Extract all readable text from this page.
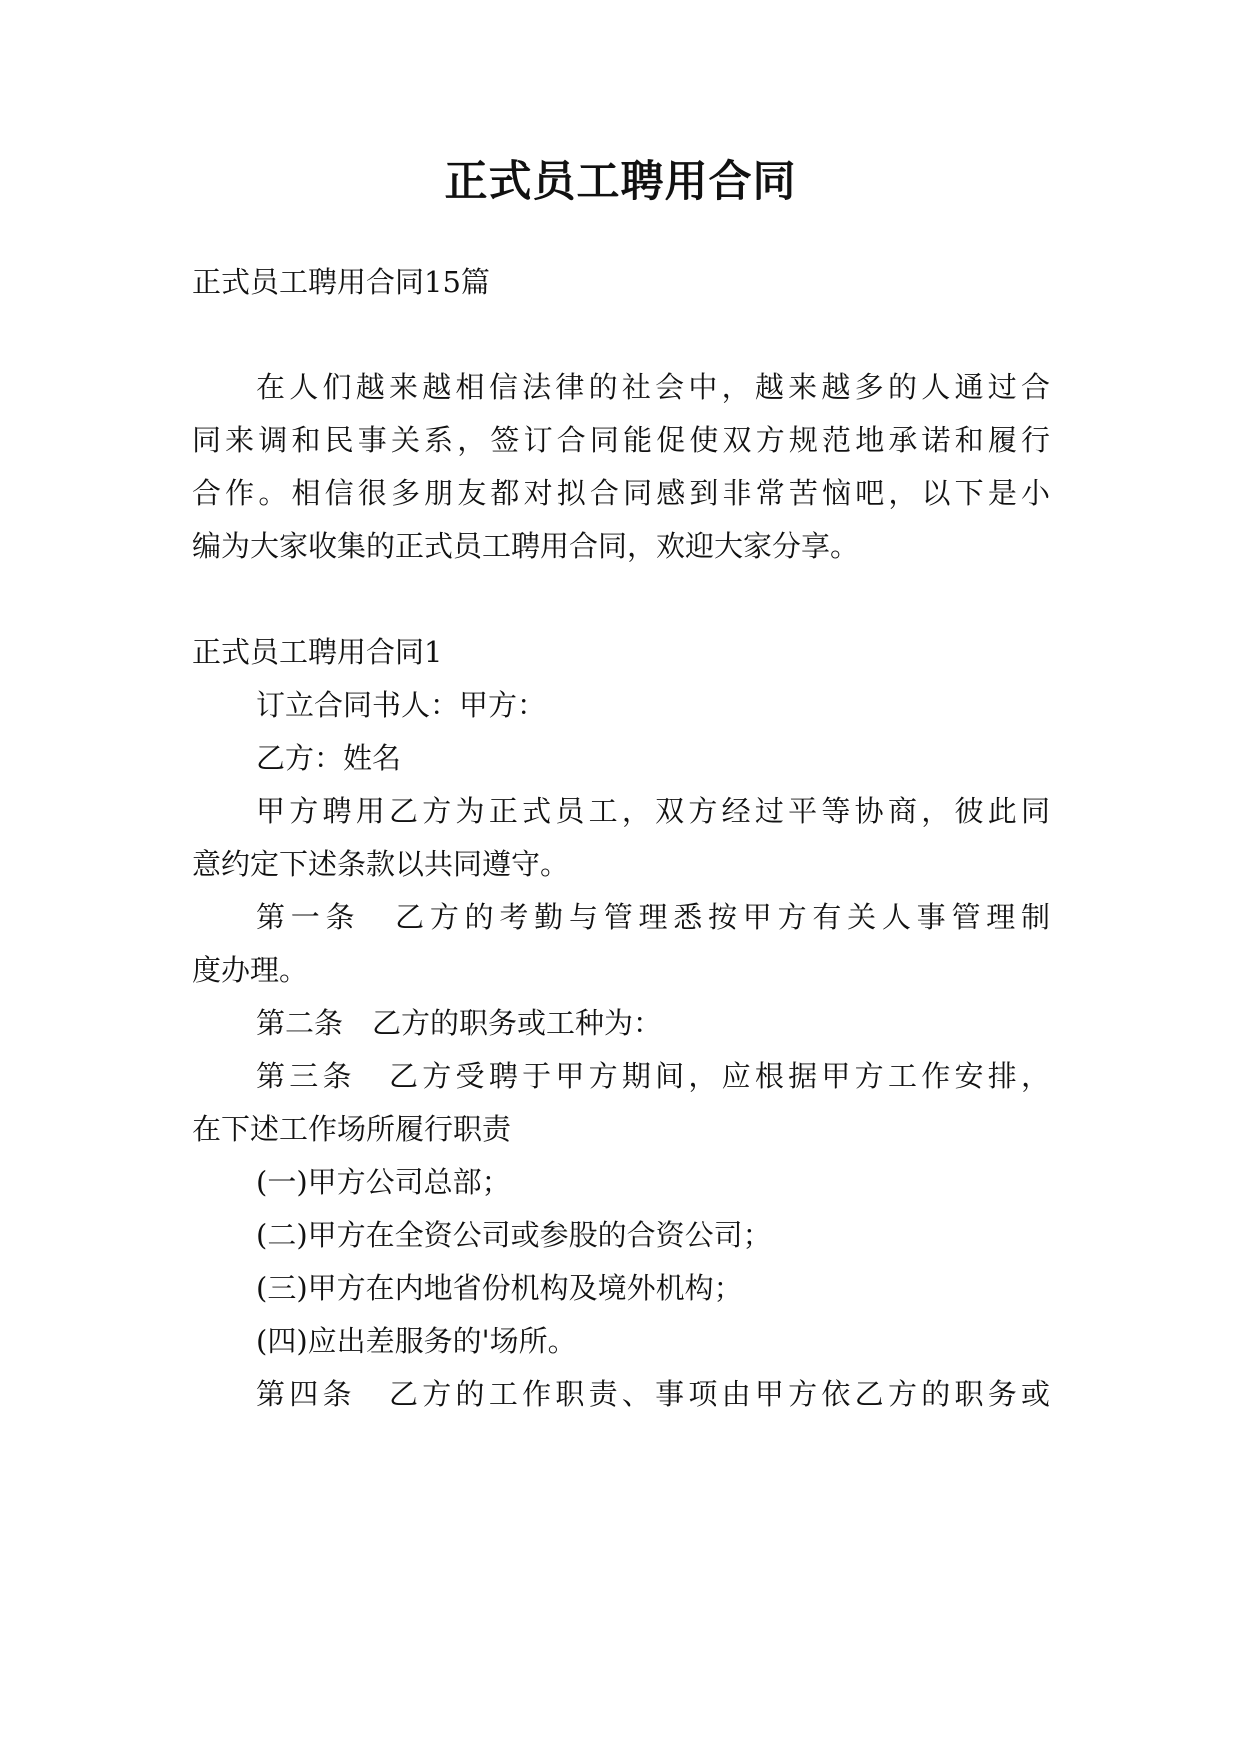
正式员工聘用合同
正式员工聘用合同15篇
在人们越来越相信法律的社会中，越来越多的人通过合
同来调和民事关系，签订合同能促使双方规范地承诺和履行
合作。相信很多朋友都对拟合同感到非常苦恼吧，以下是小
编为大家收集的正式员工聘用合同，欢迎大家分享。
正式员工聘用合同1
订立合同书人：甲方：
乙方：姓名
甲方聘用乙方为正式员工，双方经过平等协商，彼此同
意约定下述条款以共同遵守。
第一条　乙方的考勤与管理悉按甲方有关人事管理制
度办理。
第二条　乙方的职务或工种为：
第三条　乙方受聘于甲方期间，应根据甲方工作安排，
在下述工作场所履行职责
(一)甲方公司总部；
(二)甲方在全资公司或参股的合资公司；
(三)甲方在内地省份机构及境外机构；
(四)应出差服务的'场所。
第四条　乙方的工作职责、事项由甲方依乙方的职务或
